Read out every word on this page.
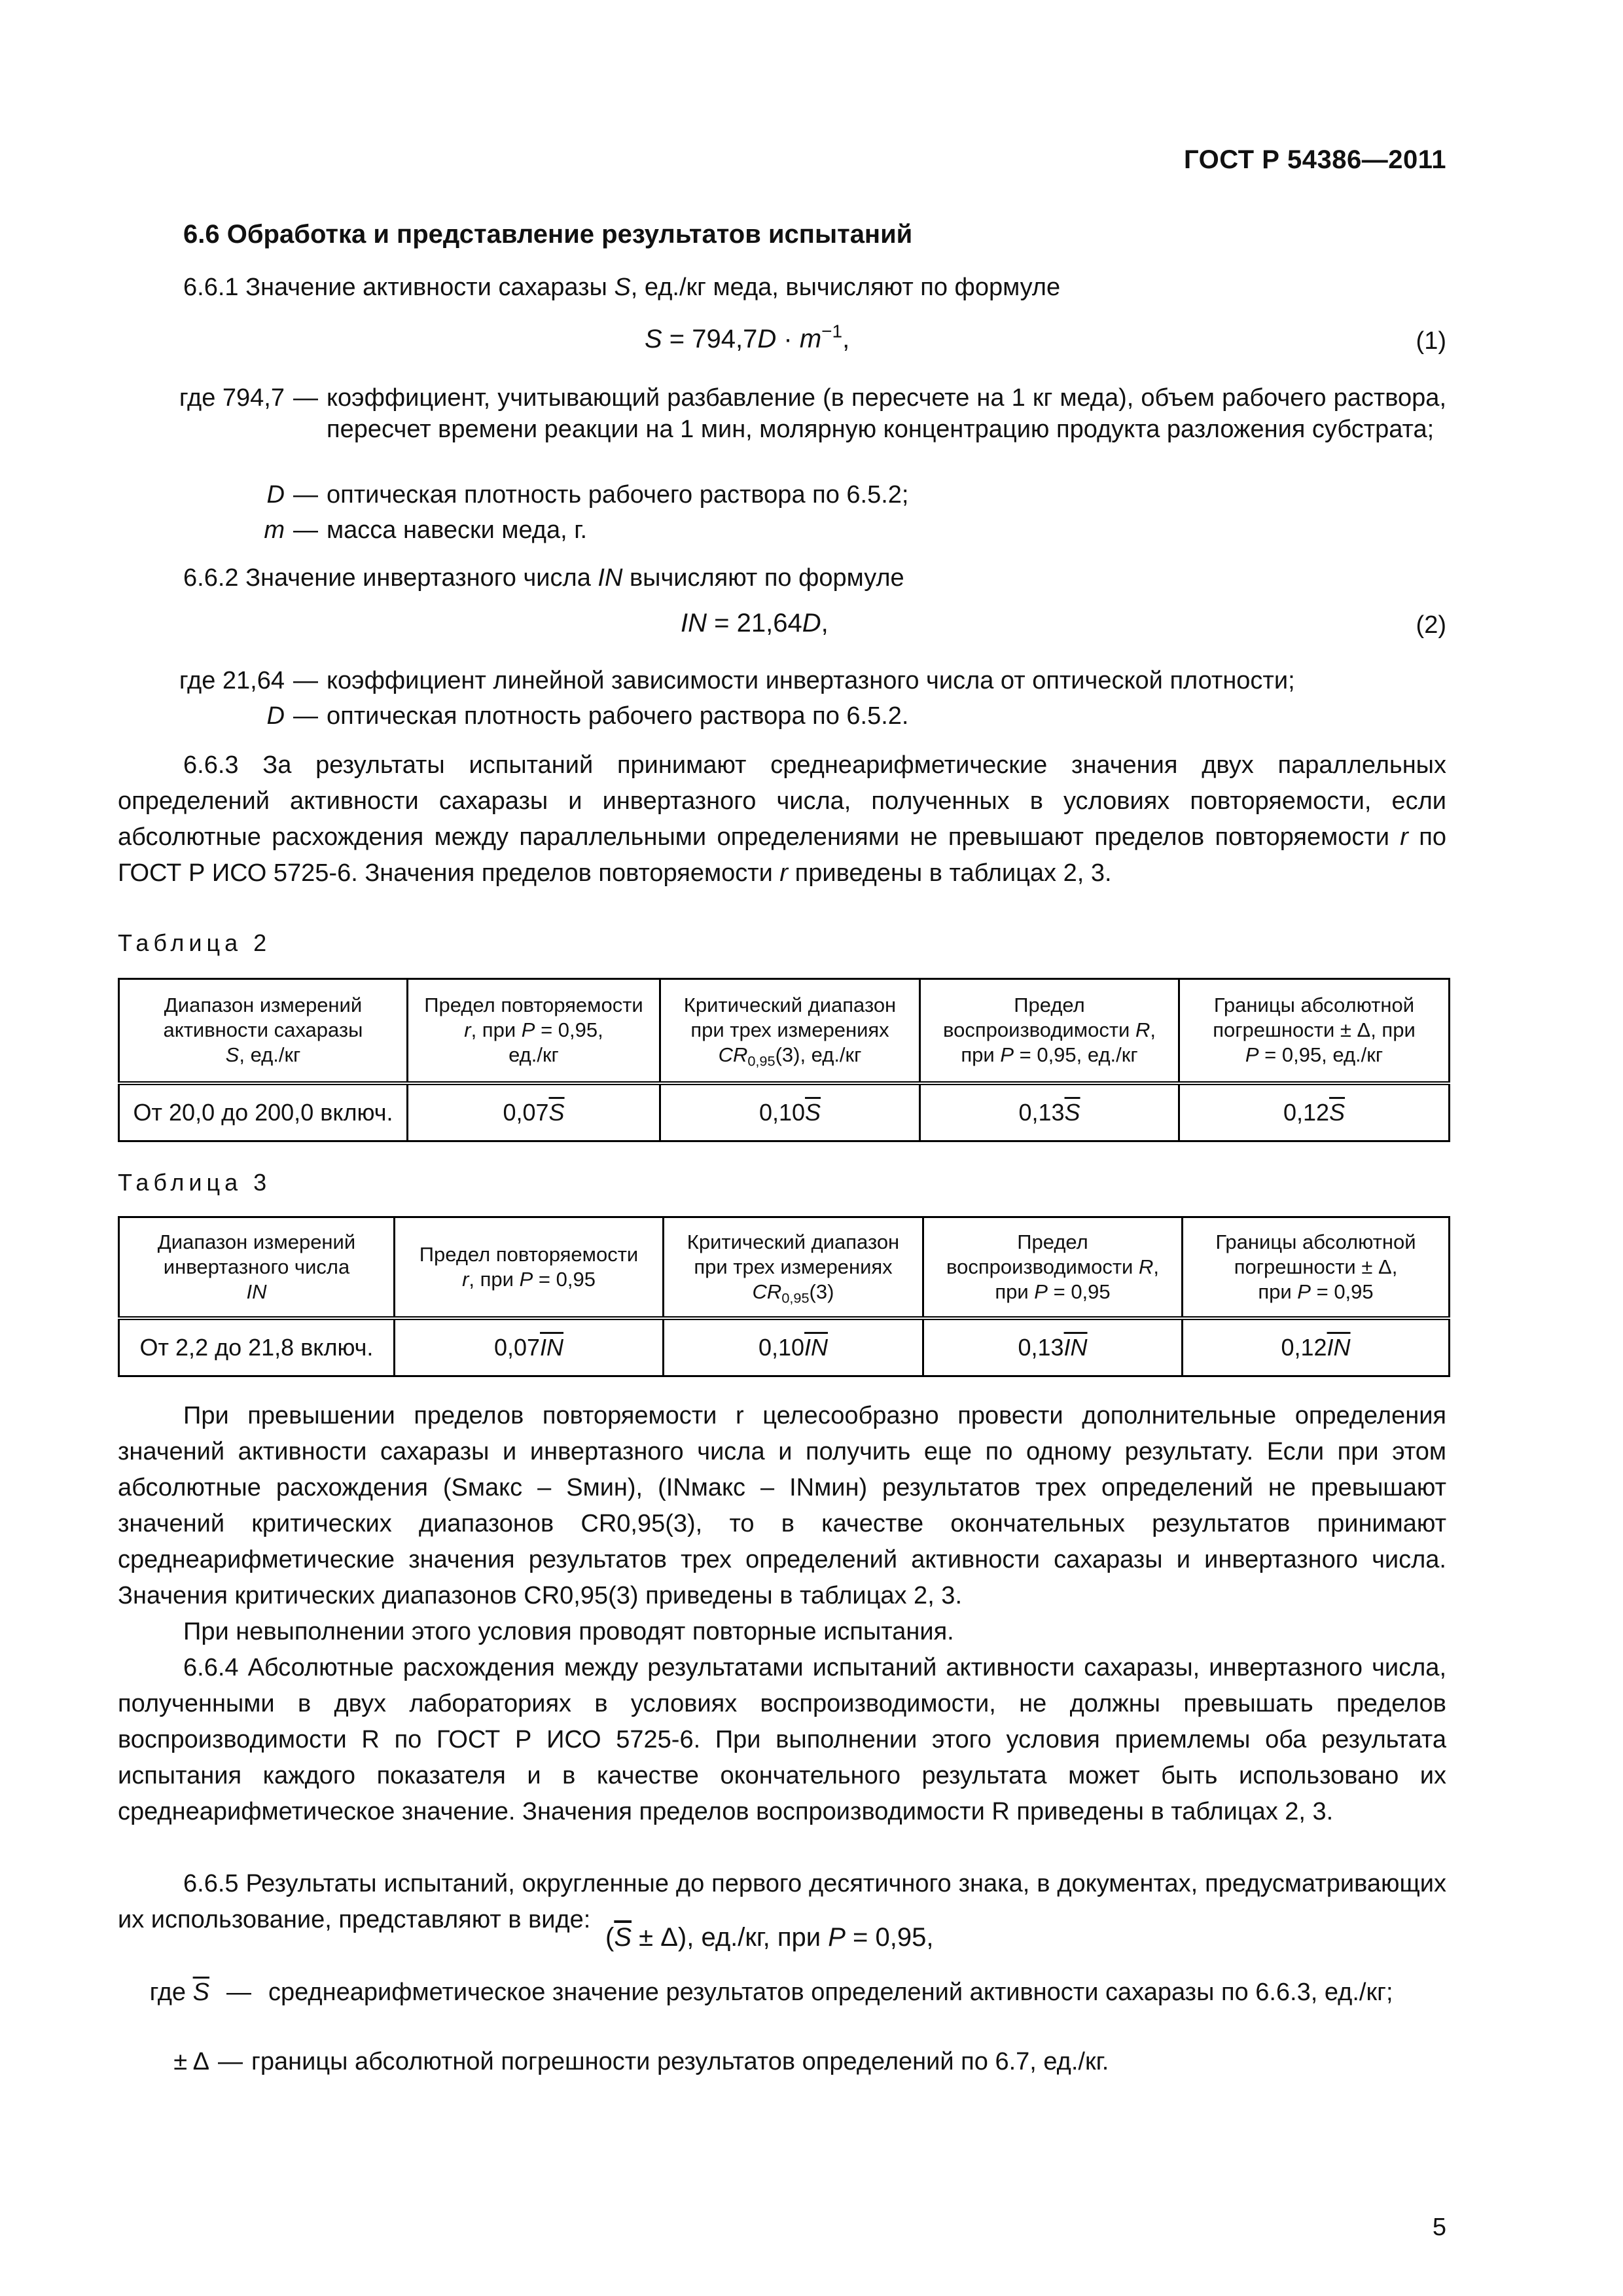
ГОСТ Р 54386—2011
6.6 Обработка и представление результатов испытаний
6.6.1 Значение активности сахаразы S, ед./кг меда, вычисляют по формуле
$S = 794,7D \cdot m^{-1}$,	(1)
где 794,7 — коэффициент, учитывающий разбавление (в пересчете на 1 кг меда), объем рабочего раствора, пересчет времени реакции на 1 мин, молярную концентрацию продукта разложения субстрата;
D — оптическая плотность рабочего раствора по 6.5.2;
m — масса навески меда, г.
6.6.2 Значение инвертазного числа IN вычисляют по формуле
IN = 21,64D,	(2)
где 21,64 — коэффициент линейной зависимости инвертазного числа от оптической плотности;
D — оптическая плотность рабочего раствора по 6.5.2.
6.6.3 За результаты испытаний принимают среднеарифметические значения двух параллельных определений активности сахаразы и инвертазного числа, полученных в условиях повторяемости, если абсолютные расхождения между параллельными определениями не превышают пределов повторяемости r по ГОСТ Р ИСО 5725-6. Значения пределов повторяемости r приведены в таблицах 2, 3.
Таблица 2
Диапазон измерений
активности сахаразы
S, ед./кг	Предел повторяемости
r, при P = 0,95,
ед./кг	Критический диапазон
при трех измерениях
$CR_{0,95}(3)$, ед./кг	Предел
воспроизводимости R,
при P = 0,95, ед./кг	Границы абсолютной
погрешности ± Δ, при
P = 0,95, ед./кг
От 20,0 до 200,0 включ.	$0,07\overline{S}$	$0,10\overline{S}$	$0,13\overline{S}$	$0,12\overline{S}$
Таблица 3
Диапазон измерений
инвертазного числа
IN	Предел повторяемости
r, при P = 0,95	Критический диапазон
при трех измерениях
$CR_{0,95}(3)$	Предел
воспроизводимости R,
при P = 0,95	Границы абсолютной
погрешности ± Δ,
при P = 0,95
От 2,2 до 21,8 включ.	$0,07\overline{IN}$	$0,10\overline{IN}$	$0,13\overline{IN}$	$0,12\overline{IN}$
При превышении пределов повторяемости r целесообразно провести дополнительные определения значений активности сахаразы и инвертазного числа и получить еще по одному результату. Если при этом абсолютные расхождения (Sмакс – Sмин), (INмакс – INмин) результатов трех определений не превышают значений критических диапазонов CR0,95(3), то в качестве окончательных результатов принимают среднеарифметические значения результатов трех определений активности сахаразы и инвертазного числа. Значения критических диапазонов CR0,95(3) приведены в таблицах 2, 3.
При невыполнении этого условия проводят повторные испытания.
6.6.4 Абсолютные расхождения между результатами испытаний активности сахаразы, инвертазного числа, полученными в двух лабораториях в условиях воспроизводимости, не должны превышать пределов воспроизводимости R по ГОСТ Р ИСО 5725-6. При выполнении этого условия приемлемы оба результата испытания каждого показателя и в качестве окончательного результата может быть использовано их среднеарифметическое значение. Значения пределов воспроизводимости R приведены в таблицах 2, 3.
6.6.5 Результаты испытаний, округленные до первого десятичного знака, в документах, предусматривающих их использование, представляют в виде:
$(\overline{S} \pm \Delta)$, ед./кг, при P = 0,95,
где $\overline{S}$ — среднеарифметическое значение результатов определений активности сахаразы по 6.6.3, ед./кг;
± Δ — границы абсолютной погрешности результатов определений по 6.7, ед./кг.
5
